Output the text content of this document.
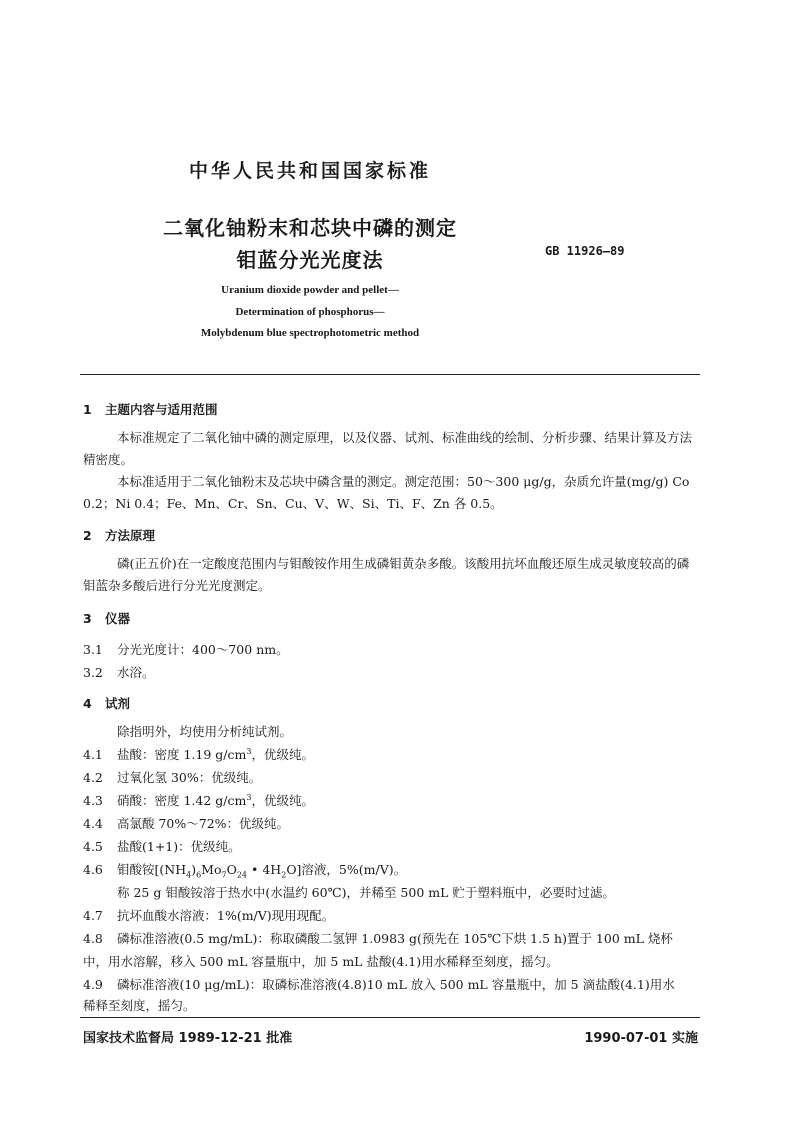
中华人民共和国国家标准
二氧化铀粉末和芯块中磷的测定
钼蓝分光光度法	GB 11926—89
Uranium dioxide powder and pellet—
Determination of phosphorus—
Molybdenum blue spectrophotometric method
1 主题内容与适用范围
本标准规定了二氧化铀中磷的测定原理，以及仪器、试剂、标准曲线的绘制、分析步骤、结果计算及方法精密度。
本标准适用于二氧化铀粉末及芯块中磷含量的测定。测定范围：50～300 μg/g，杂质允许量(mg/g) Co 0.2；Ni 0.4；Fe、Mn、Cr、Sn、Cu、V、W、Si、Ti、F、Zn 各 0.5。
2 方法原理
磷(正五价)在一定酸度范围内与钼酸铵作用生成磷钼黄杂多酸。该酸用抗坏血酸还原生成灵敏度较高的磷钼蓝杂多酸后进行分光光度测定。
3 仪器
3.1 分光光度计：400～700 nm。
3.2 水浴。
4 试剂
除指明外，均使用分析纯试剂。
4.1 盐酸：密度 1.19 $g/cm^3$，优级纯。
4.2 过氧化氢 30%：优级纯。
4.3 硝酸：密度 1.42 $g/cm^3$，优级纯。
4.4 高氯酸 70%～72%：优级纯。
4.5 盐酸(1+1)：优级纯。
4.6 钼酸铵[$(NH_4)_6Mo_7O_{24}$ • $4H_2O$]溶液，5%(m/V)。
称 25 g 钼酸铵溶于热水中(水温约 60℃)，并稀至 500 mL 贮于塑料瓶中，必要时过滤。
4.7 抗坏血酸水溶液：1%(m/V)现用现配。
4.8 磷标准溶液(0.5 mg/mL)：称取磷酸二氢钾 1.0983 g(预先在 105℃下烘 1.5 h)置于 100 mL 烧杯
中，用水溶解，移入 500 mL 容量瓶中，加 5 mL 盐酸(4.1)用水稀释至刻度，摇匀。
4.9 磷标准溶液(10 μg/mL)：取磷标准溶液(4.8)10 mL 放入 500 mL 容量瓶中，加 5 滴盐酸(4.1)用水
稀释至刻度，摇匀。
国家技术监督局 1989-12-21 批准	1990-07-01 实施
